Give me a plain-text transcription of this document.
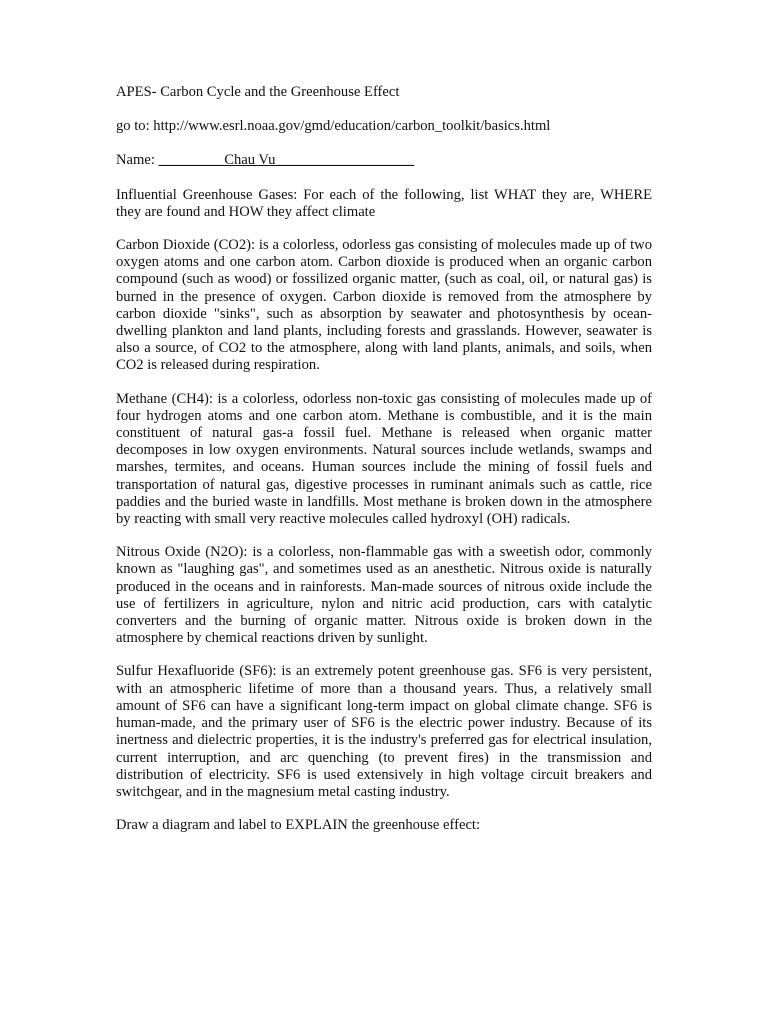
APES- Carbon Cycle and the Greenhouse Effect
go to: http://www.esrl.noaa.gov/gmd/education/carbon_toolkit/basics.html
Name: _________Chau Vu___________________

Influential Greenhouse Gases: For each of the following, list WHAT they are, WHERE they are found and HOW they affect climate

Carbon Dioxide (CO2): is a colorless, odorless gas consisting of molecules made up of two oxygen atoms and one carbon atom. Carbon dioxide is produced when an organic carbon compound (such as wood) or fossilized organic matter, (such as coal, oil, or natural gas) is burned in the presence of oxygen. Carbon dioxide is removed from the atmosphere by carbon dioxide "sinks", such as absorption by seawater and photosynthesis by ocean-dwelling plankton and land plants, including forests and grasslands. However, seawater is also a source, of CO2 to the atmosphere, along with land plants, animals, and soils, when CO2 is released during respiration.

Methane (CH4): is a colorless, odorless non-toxic gas consisting of molecules made up of four hydrogen atoms and one carbon atom. Methane is combustible, and it is the main constituent of natural gas-a fossil fuel. Methane is released when organic matter decomposes in low oxygen environments. Natural sources include wetlands, swamps and marshes, termites, and oceans. Human sources include the mining of fossil fuels and transportation of natural gas, digestive processes in ruminant animals such as cattle, rice paddies and the buried waste in landfills. Most methane is broken down in the atmosphere by reacting with small very reactive molecules called hydroxyl (OH) radicals.

Nitrous Oxide (N2O): is a colorless, non-flammable gas with a sweetish odor, commonly known as "laughing gas", and sometimes used as an anesthetic. Nitrous oxide is naturally produced in the oceans and in rainforests. Man-made sources of nitrous oxide include the use of fertilizers in agriculture, nylon and nitric acid production, cars with catalytic converters and the burning of organic matter. Nitrous oxide is broken down in the atmosphere by chemical reactions driven by sunlight.

Sulfur Hexafluoride (SF6): is an extremely potent greenhouse gas. SF6 is very persistent, with an atmospheric lifetime of more than a thousand years. Thus, a relatively small amount of SF6 can have a significant long-term impact on global climate change. SF6 is human-made, and the primary user of SF6 is the electric power industry. Because of its inertness and dielectric properties, it is the industry's preferred gas for electrical insulation, current interruption, and arc quenching (to prevent fires) in the transmission and distribution of electricity. SF6 is used extensively in high voltage circuit breakers and switchgear, and in the magnesium metal casting industry.

Draw a diagram and label to EXPLAIN the greenhouse effect:
